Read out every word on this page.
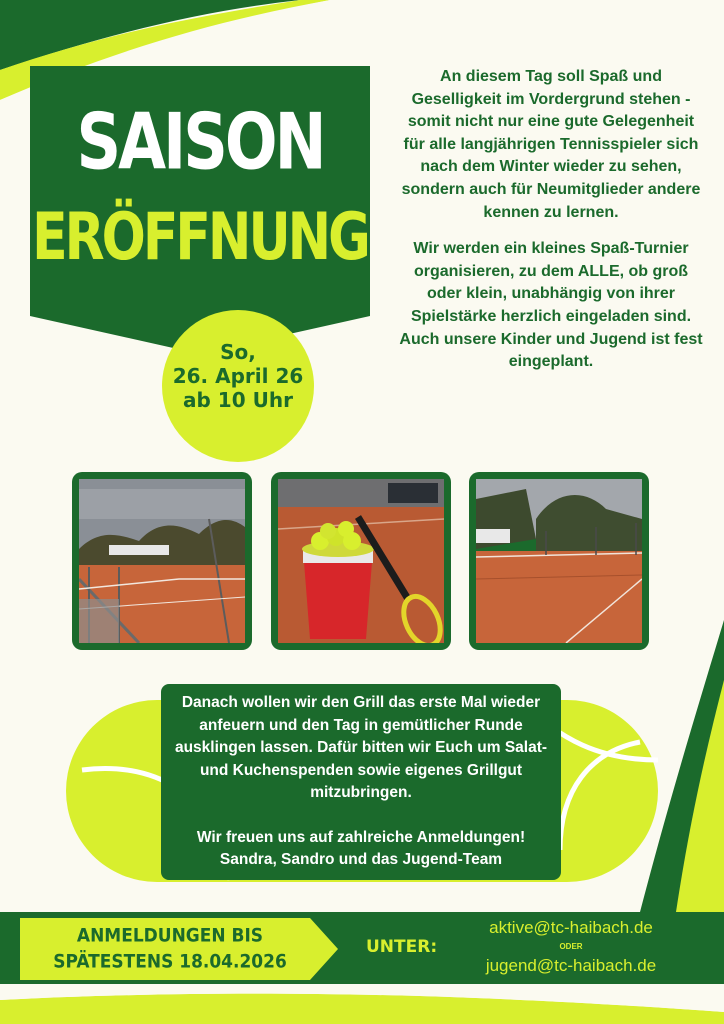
SAISON
ERÖFFNUNG
So,
26. April 26
ab 10 Uhr

An diesem Tag soll Spaß und Geselligkeit im Vordergrund stehen - somit nicht nur eine gute Gelegenheit für alle langjährigen Tennisspieler sich nach dem Winter wieder zu sehen, sondern auch für Neumitglieder andere kennen zu lernen.

Wir werden ein kleines Spaß-Turnier organisieren, zu dem ALLE, ob groß oder klein, unabhängig von ihrer Spielstärke herzlich eingeladen sind. Auch unsere Kinder und Jugend ist fest eingeplant.

Danach wollen wir den Grill das erste Mal wieder anfeuern und den Tag in gemütlicher Runde ausklingen lassen. Dafür bitten wir Euch um Salat- und Kuchenspenden sowie eigenes Grillgut mitzubringen.

Wir freuen uns auf zahlreiche Anmeldungen!

Sandra, Sandro und das Jugend-Team

ANMELDUNGEN BIS
SPÄTESTENS 18.04.2026
UNTER:
aktive@tc-haibach.de
ODER
jugend@tc-haibach.de
